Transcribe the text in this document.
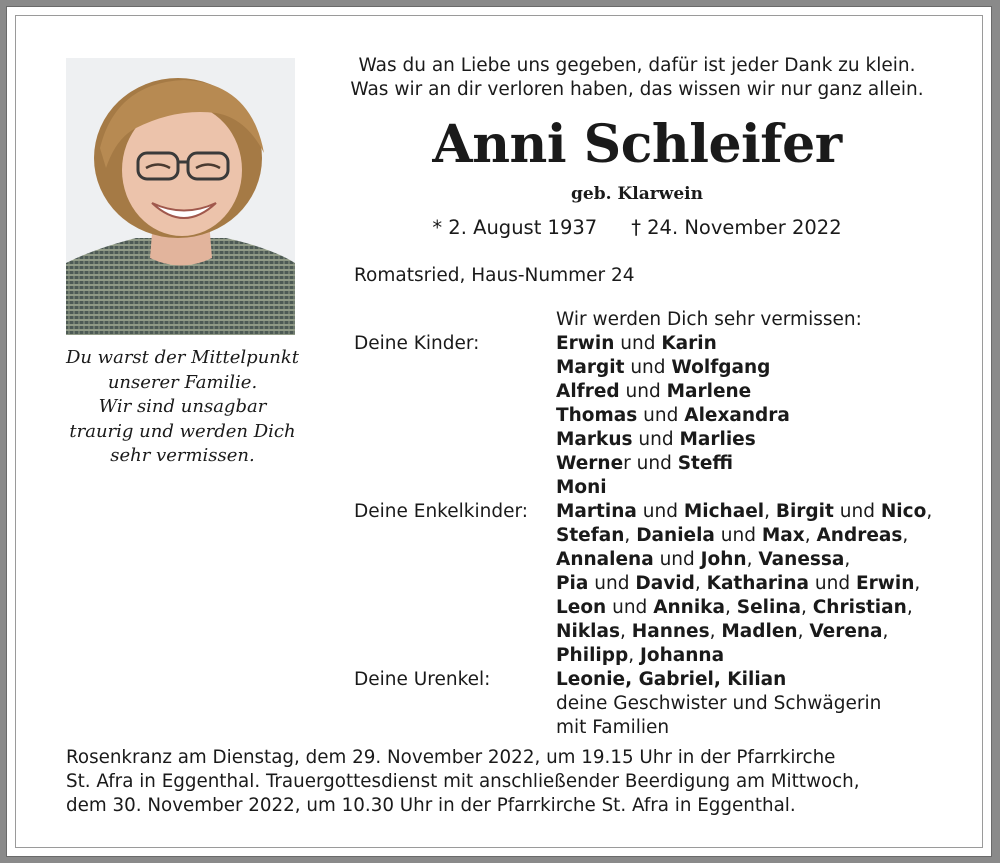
Du warst der Mittelpunkt
unserer Familie.
Wir sind unsagbar
traurig und werden Dich
sehr vermissen.
Was du an Liebe uns gegeben, dafür ist jeder Dank zu klein.
Was wir an dir verloren haben, das wissen wir nur ganz allein.
Anni Schleifer
geb. Klarwein
* 2. August 1937 † 24. November 2022
Romatsried, Haus-Nummer 24
Wir werden Dich sehr vermissen:
Deine Kinder:	Erwin und Karin
Margit und Wolfgang
Alfred und Marlene
Thomas und Alexandra
Markus und Marlies
Werner und Steffi
Moni
Deine Enkelkinder:	Martina und Michael, Birgit und Nico,
Stefan, Daniela und Max, Andreas,
Annalena und John, Vanessa,
Pia und David, Katharina und Erwin,
Leon und Annika, Selina, Christian,
Niklas, Hannes, Madlen, Verena,
Philipp, Johanna
Deine Urenkel:	Leonie, Gabriel, Kilian
deine Geschwister und Schwägerin
mit Familien
Rosenkranz am Dienstag, dem 29. November 2022, um 19.15 Uhr in der Pfarrkirche
St. Afra in Eggenthal. Trauergottesdienst mit anschließender Beerdigung am Mittwoch,
dem 30. November 2022, um 10.30 Uhr in der Pfarrkirche St. Afra in Eggenthal.
